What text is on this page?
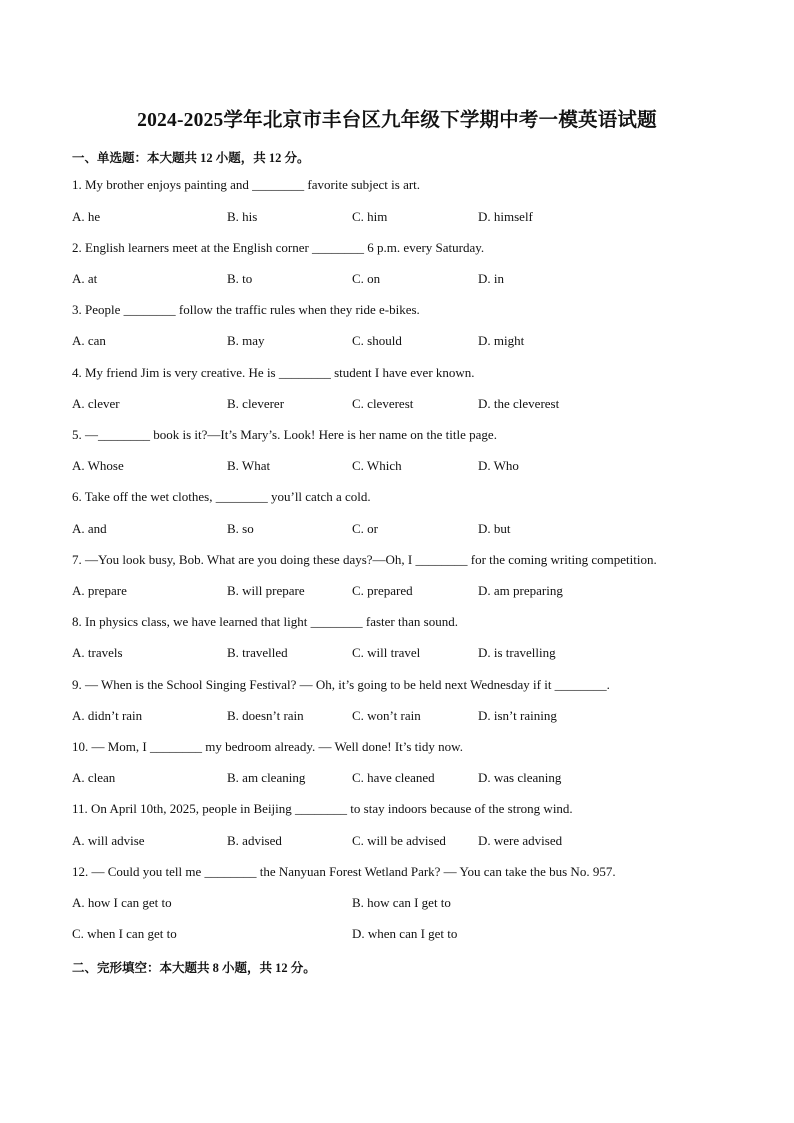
2024-2025学年北京市丰台区九年级下学期中考一模英语试题
一、单选题：本大题共 12 小题，共 12 分。
1. My brother enjoys painting and ________ favorite subject is art.
A. he	B. his	C. him	D. himself
2. English learners meet at the English corner ________ 6 p.m. every Saturday.
A. at	B. to	C. on	D. in
3. People ________ follow the traffic rules when they ride e-bikes.
A. can	B. may	C. should	D. might
4. My friend Jim is very creative. He is ________ student I have ever known.
A. clever	B. cleverer	C. cleverest	D. the cleverest
5. —________ book is it?—It’s Mary’s. Look! Here is her name on the title page.
A. Whose	B. What	C. Which	D. Who
6. Take off the wet clothes, ________ you’ll catch a cold.
A. and	B. so	C. or	D. but
7. —You look busy, Bob. What are you doing these days?—Oh, I ________ for the coming writing competition.
A. prepare	B. will prepare	C. prepared	D. am preparing
8. In physics class, we have learned that light ________ faster than sound.
A. travels	B. travelled	C. will travel	D. is travelling
9. — When is the School Singing Festival? — Oh, it’s going to be held next Wednesday if it ________.
A. didn’t rain	B. doesn’t rain	C. won’t rain	D. isn’t raining
10. — Mom, I ________ my bedroom already. — Well done! It’s tidy now.
A. clean	B. am cleaning	C. have cleaned	D. was cleaning
11. On April 10th, 2025, people in Beijing ________ to stay indoors because of the strong wind.
A. will advise	B. advised	C. will be advised D. were advised
12. — Could you tell me ________ the Nanyuan Forest Wetland Park? — You can take the bus No. 957.
A. how I can get to	B. how can I get to
C. when I can get to	D. when can I get to
二、完形填空：本大题共 8 小题，共 12 分。
